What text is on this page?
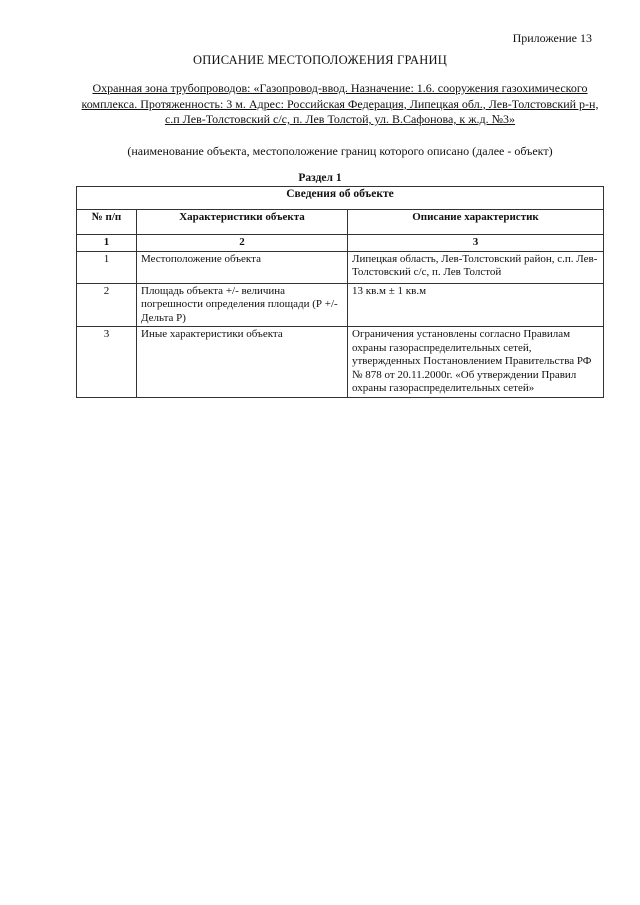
Приложение 13
ОПИСАНИЕ МЕСТОПОЛОЖЕНИЯ ГРАНИЦ
Охранная зона трубопроводов: «Газопровод-ввод. Назначение: 1.6. сооружения газохимического комплекса. Протяженность: 3 м. Адрес: Российская Федерация, Липецкая обл., Лев-Толстовский р-н, с.п Лев-Толстовский с/с, п. Лев Толстой, ул. В.Сафонова, к ж.д. №3»
(наименование объекта, местоположение границ которого описано (далее - объект)
Раздел 1
Сведения об объекте		
№ п/п	Характеристики объекта	Описание характеристик
1	2	3
1	Местоположение объекта	Липецкая область, Лев-Толстовский район, с.п. Лев-Толстовский с/с, п. Лев Толстой
2	Площадь объекта +/- величина погрешности определения площади (Р +/- Дельта Р)	13 кв.м ± 1 кв.м
3	Иные характеристики объекта	Ограничения установлены согласно Правилам охраны газораспределительных сетей, утвержденных Постановлением Правительства РФ № 878 от 20.11.2000г. «Об утверждении Правил охраны газораспределительных сетей»
